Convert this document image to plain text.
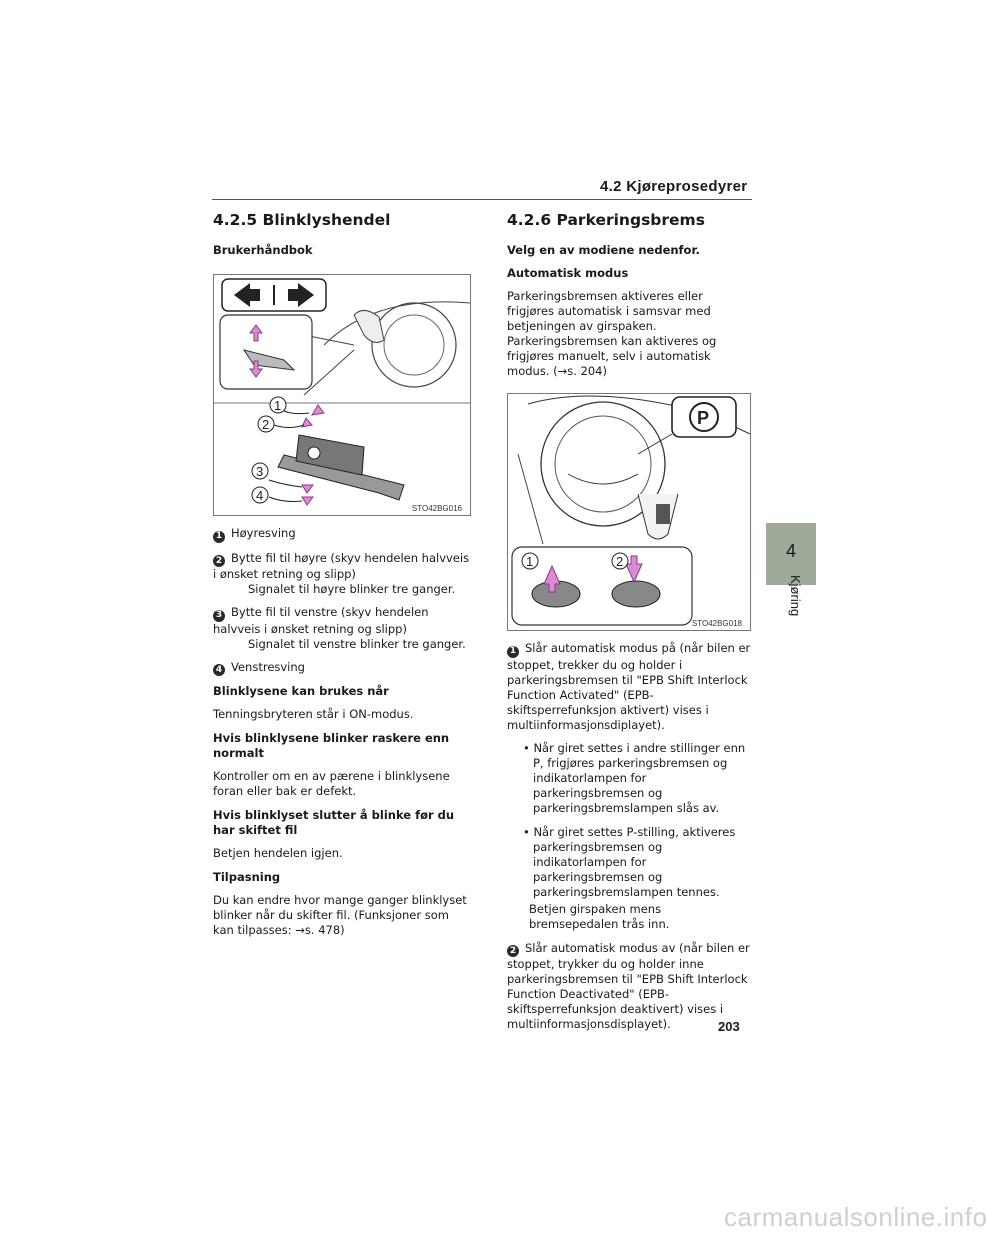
4.2 Kjøreprosedyrer
4.2.5 Blinklyshendel
Brukerhåndbok
1
2
3
4
STO42BG016
1 Høyresving
2 Bytte fil til høyre (skyv hendelen halvveis i ønsket retning og slipp)
Signalet til høyre blinker tre ganger.
3 Bytte fil til venstre (skyv hendelen halvveis i ønsket retning og slipp)
Signalet til venstre blinker tre ganger.
4 Venstresving
Blinklysene kan brukes når
Tenningsbryteren står i ON-modus.
Hvis blinklysene blinker raskere enn normalt
Kontroller om en av pærene i blinklysene foran eller bak er defekt.
Hvis blinklyset slutter å blinke før du har skiftet fil
Betjen hendelen igjen.
Tilpasning
Du kan endre hvor mange ganger blinklyset blinker når du skifter fil. (Funksjoner som kan tilpasses: →s. 478)
4.2.6 Parkeringsbrems
Velg en av modiene nedenfor.
Automatisk modus
Parkeringsbremsen aktiveres eller frigjøres automatisk i samsvar med betjeningen av girspaken. Parkeringsbremsen kan aktiveres og frigjøres manuelt, selv i automatisk modus. (→s. 204)
P
1	2
STO42BG018
1 Slår automatisk modus på (når bilen er stoppet, trekker du og holder i parkeringsbremsen til "EPB Shift Interlock Function Activated" (EPB-skiftsperrefunksjon aktivert) vises i multiinformasjonsdiplayet).
• Når giret settes i andre stillinger enn P, frigjøres parkeringsbremsen og indikatorlampen for parkeringsbremsen og parkeringsbremslampen slås av.
• Når giret settes P-stilling, aktiveres parkeringsbremsen og indikatorlampen for parkeringsbremsen og parkeringsbremslampen tennes.
Betjen girspaken mens bremsepedalen trås inn.
2 Slår automatisk modus av (når bilen er stoppet, trykker du og holder inne parkeringsbremsen til "EPB Shift Interlock Function Deactivated" (EPB-skiftsperrefunksjon deaktivert) vises i multiinformasjonsdisplayet).
4
Kjøring
203
carmanualsonline.info
